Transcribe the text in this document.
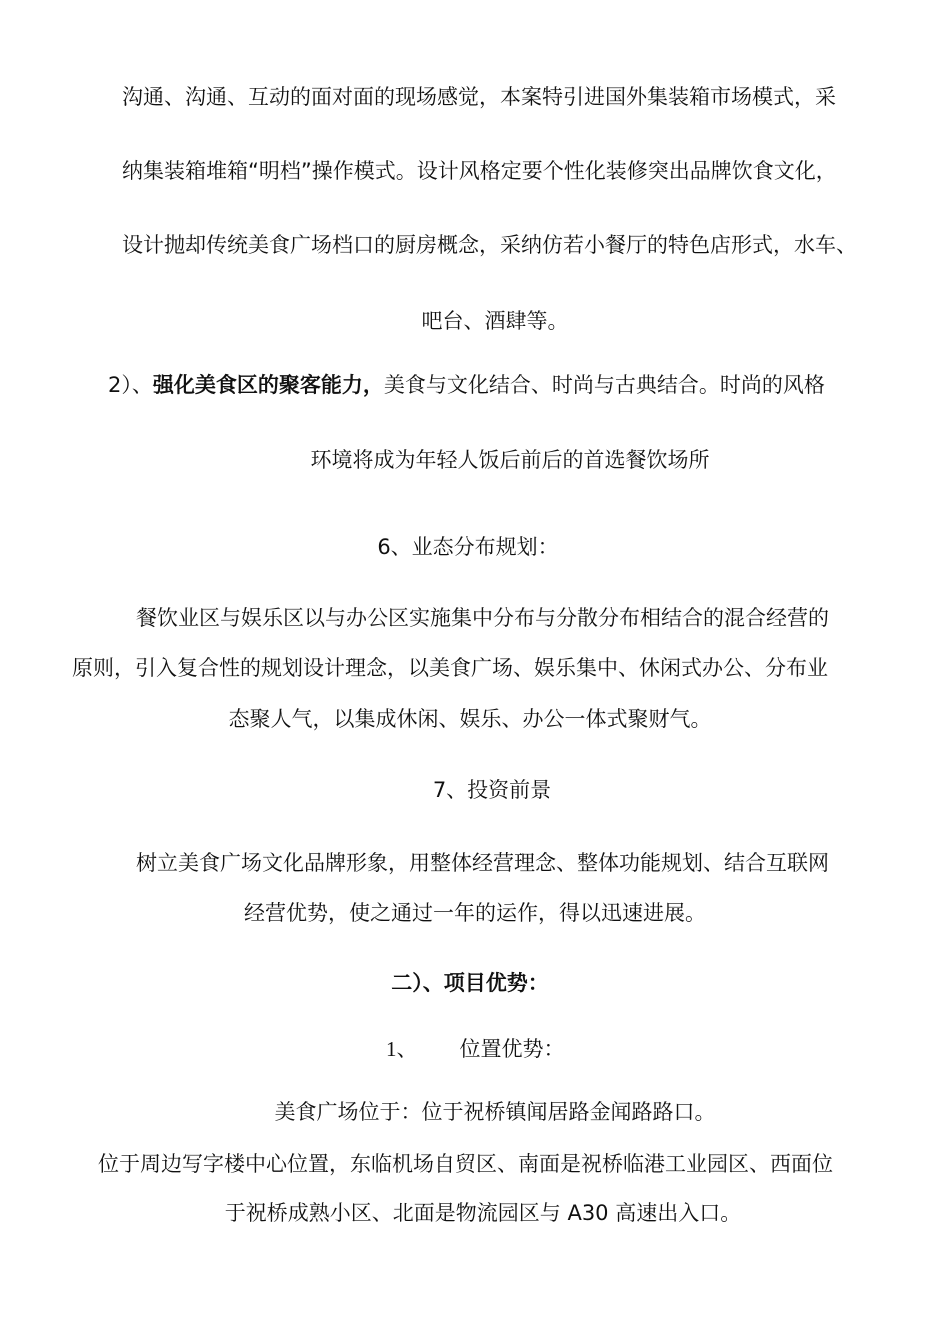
沟通、沟通、互动的面对面的现场感觉，本案特引进国外集装箱市场模式，采
纳集装箱堆箱“明档”操作模式。设计风格定要个性化装修突出品牌饮食文化，
设计抛却传统美食广场档口的厨房概念，采纳仿若小餐厅的特色店形式，水车、
吧台、酒肆等。
2）、强化美食区的聚客能力，美食与文化结合、时尚与古典结合。时尚的风格
环境将成为年轻人饭后前后的首选餐饮场所
6、业态分布规划：
餐饮业区与娱乐区以与办公区实施集中分布与分散分布相结合的混合经营的
原则，引入复合性的规划设计理念，以美食广场、娱乐集中、休闲式办公、分布业
态聚人气，以集成休闲、娱乐、办公一体式聚财气。
7、投资前景
树立美食广场文化品牌形象，用整体经营理念、整体功能规划、结合互联网
经营优势，使之通过一年的运作，得以迅速进展。
二）、项目优势：
1、 位置优势：
美食广场位于：位于祝桥镇闻居路金闻路路口。
位于周边写字楼中心位置，东临机场自贸区、南面是祝桥临港工业园区、西面位
于祝桥成熟小区、北面是物流园区与 A30 高速出入口。
